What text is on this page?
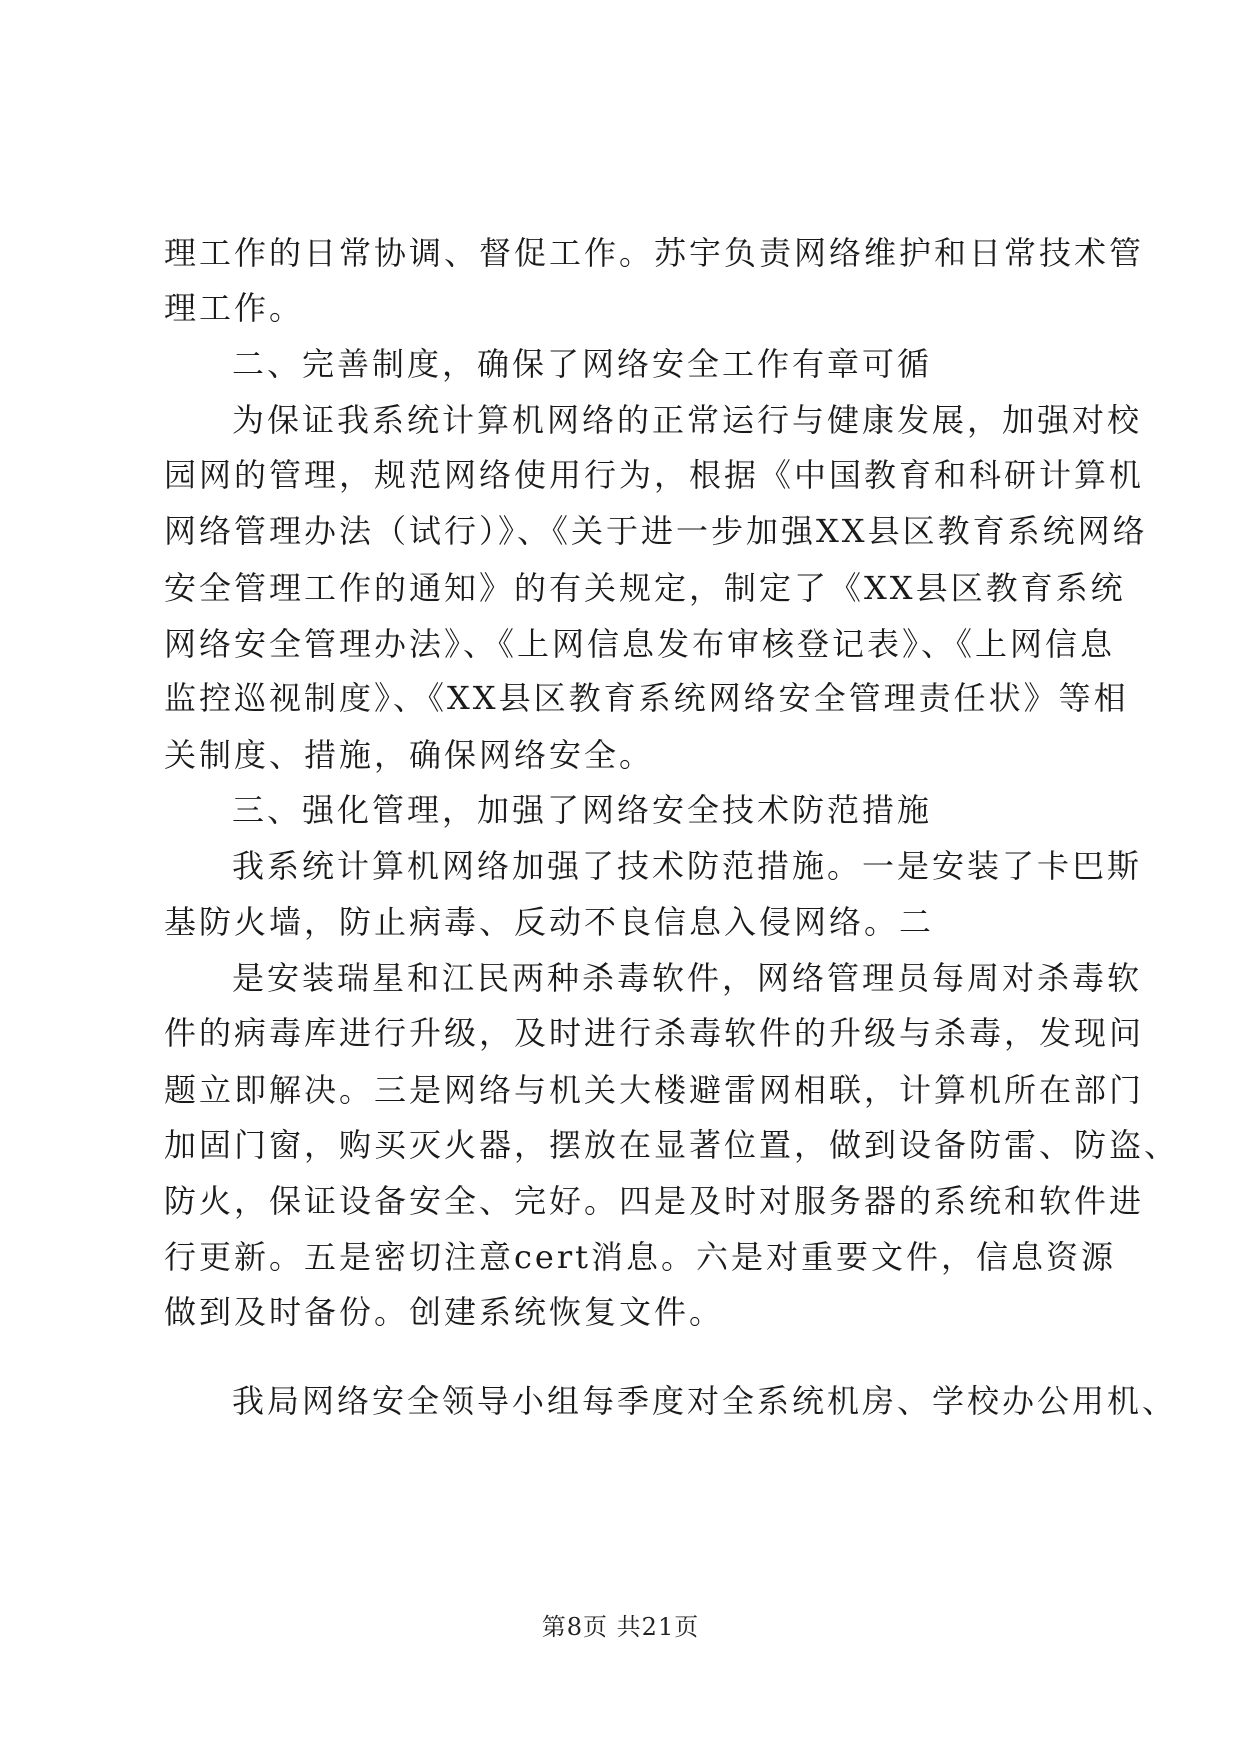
理工作的日常协调、督促工作。苏宇负责网络维护和日常技术管
理工作。
二、完善制度，确保了网络安全工作有章可循
为保证我系统计算机网络的正常运行与健康发展，加强对校
园网的管理，规范网络使用行为，根据《中国教育和科研计算机
网络管理办法（试行）》、《关于进一步加强XX县区教育系统网络
安全管理工作的通知》的有关规定，制定了《XX县区教育系统
网络安全管理办法》、《上网信息发布审核登记表》、《上网信息
监控巡视制度》、《XX县区教育系统网络安全管理责任状》等相
关制度、措施，确保网络安全。
三、强化管理，加强了网络安全技术防范措施
我系统计算机网络加强了技术防范措施。一是安装了卡巴斯
基防火墙，防止病毒、反动不良信息入侵网络。二
是安装瑞星和江民两种杀毒软件，网络管理员每周对杀毒软
件的病毒库进行升级，及时进行杀毒软件的升级与杀毒，发现问
题立即解决。三是网络与机关大楼避雷网相联，计算机所在部门
加固门窗，购买灭火器，摆放在显著位置，做到设备防雷、防盗、
防火，保证设备安全、完好。四是及时对服务器的系统和软件进
行更新。五是密切注意cert消息。六是对重要文件，信息资源
做到及时备份。创建系统恢复文件。
我局网络安全领导小组每季度对全系统机房、学校办公用机、
第8页 共21页
